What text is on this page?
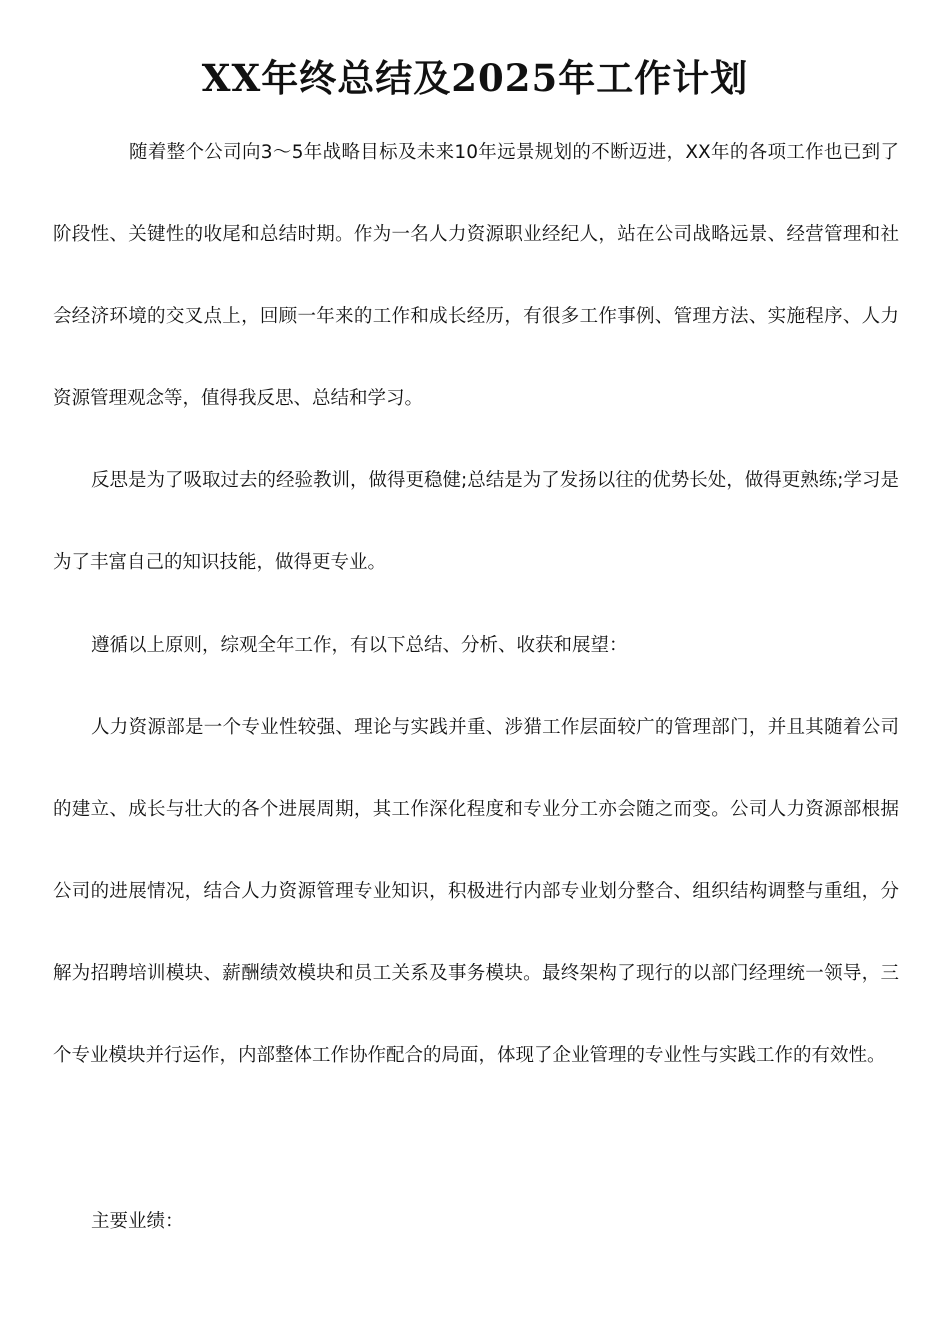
XX年终总结及2025年工作计划

随着整个公司向3～5年战略目标及未来10年远景规划的不断迈进，XX年的各项工作也已到了阶段性、关键性的收尾和总结时期。作为一名人力资源职业经纪人，站在公司战略远景、经营管理和社会经济环境的交叉点上，回顾一年来的工作和成长经历，有很多工作事例、管理方法、实施程序、人力资源管理观念等，值得我反思、总结和学习。

反思是为了吸取过去的经验教训，做得更稳健;总结是为了发扬以往的优势长处，做得更熟练;学习是为了丰富自己的知识技能，做得更专业。

遵循以上原则，综观全年工作，有以下总结、分析、收获和展望：

人力资源部是一个专业性较强、理论与实践并重、涉猎工作层面较广的管理部门，并且其随着公司的建立、成长与壮大的各个进展周期，其工作深化程度和专业分工亦会随之而变。公司人力资源部根据公司的进展情况，结合人力资源管理专业知识，积极进行内部专业划分整合、组织结构调整与重组，分解为招聘培训模块、薪酬绩效模块和员工关系及事务模块。最终架构了现行的以部门经理统一领导，三个专业模块并行运作，内部整体工作协作配合的局面，体现了企业管理的专业性与实践工作的有效性。

主要业绩：
